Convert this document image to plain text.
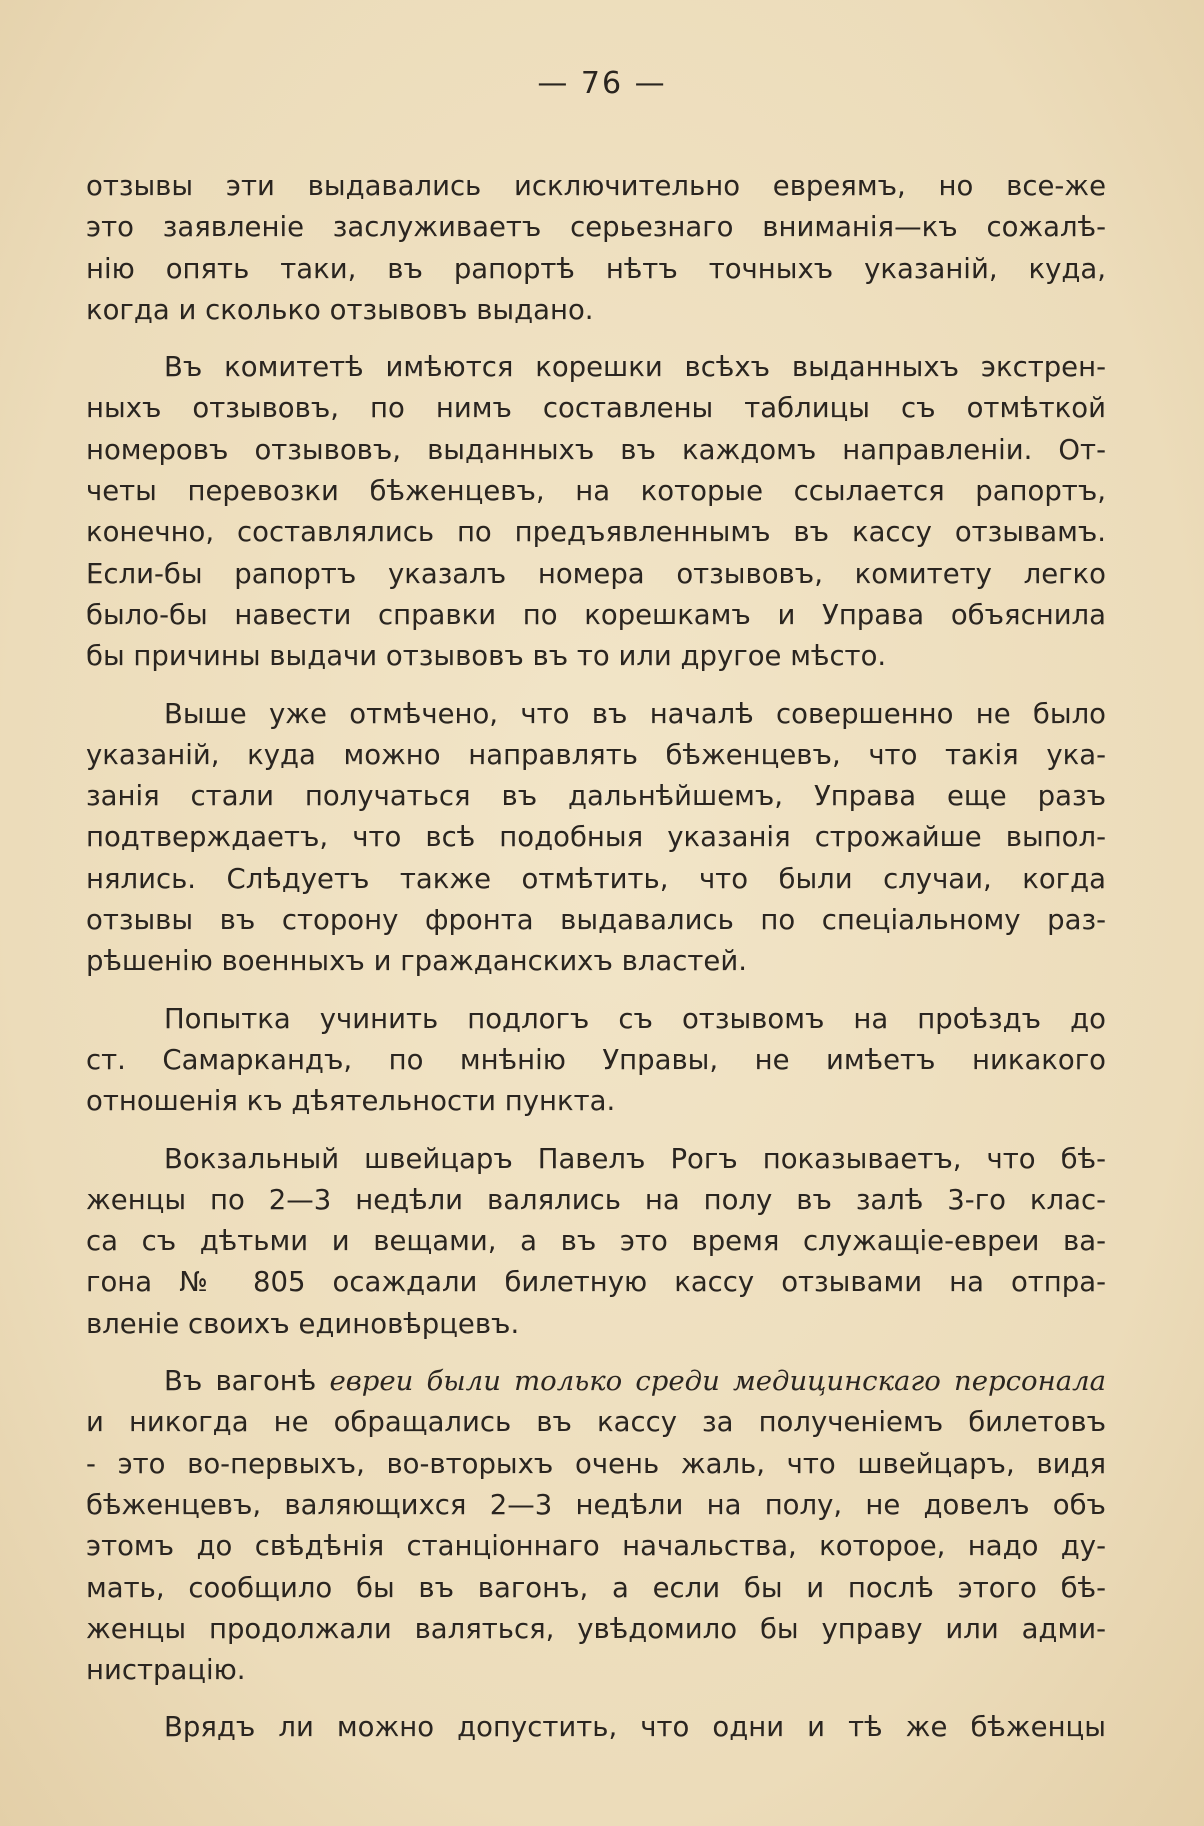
— 76 —
отзывы эти выдавались исключительно евреямъ, но все-же
это заявленіе заслуживаетъ серьезнаго вниманія—къ сожалѣ-
нію опять таки, въ рапортѣ нѣтъ точныхъ указаній, куда,
когда и сколько отзывовъ выдано.
Въ комитетѣ имѣются корешки всѣхъ выданныхъ экстрен-
ныхъ отзывовъ, по нимъ составлены таблицы съ отмѣткой
номеровъ отзывовъ, выданныхъ въ каждомъ направленіи. От-
четы перевозки бѣженцевъ, на которые ссылается рапортъ,
конечно, составлялись по предъявленнымъ въ кассу отзывамъ.
Если-бы рапортъ указалъ номера отзывовъ, комитету легко
было-бы навести справки по корешкамъ и Управа объяснила
бы причины выдачи отзывовъ въ то или другое мѣсто.
Выше уже отмѣчено, что въ началѣ совершенно не было
указаній, куда можно направлять бѣженцевъ, что такія ука-
занія стали получаться въ дальнѣйшемъ, Управа еще разъ
подтверждаетъ, что всѣ подобныя указанія строжайше выпол-
нялись. Слѣдуетъ также отмѣтить, что были случаи, когда
отзывы въ сторону фронта выдавались по спеціальному раз-
рѣшенію военныхъ и гражданскихъ властей.
Попытка учинить подлогъ съ отзывомъ на проѣздъ до
ст. Самаркандъ, по мнѣнію Управы, не имѣетъ никакого
отношенія къ дѣятельности пункта.
Вокзальный швейцаръ Павелъ Рогъ показываетъ, что бѣ-
женцы по 2—3 недѣли валялись на полу въ залѣ 3-го клас-
са съ дѣтьми и вещами, а въ это время служащіе-евреи ва-
гона № 805 осаждали билетную кассу отзывами на отпра-
вленіе своихъ единовѣрцевъ.
Въ вагонѣ евреи были только среди медицинскаго персонала
и никогда не обращались въ кассу за полученіемъ билетовъ
- это во-первыхъ, во-вторыхъ очень жаль, что швейцаръ, видя
бѣженцевъ, валяющихся 2—3 недѣли на полу, не довелъ объ
этомъ до свѣдѣнія станціоннаго начальства, которое, надо ду-
мать, сообщило бы въ вагонъ, а если бы и послѣ этого бѣ-
женцы продолжали валяться, увѣдомило бы управу или адми-
нистрацію.
Врядъ ли можно допустить, что одни и тѣ же бѣженцы
